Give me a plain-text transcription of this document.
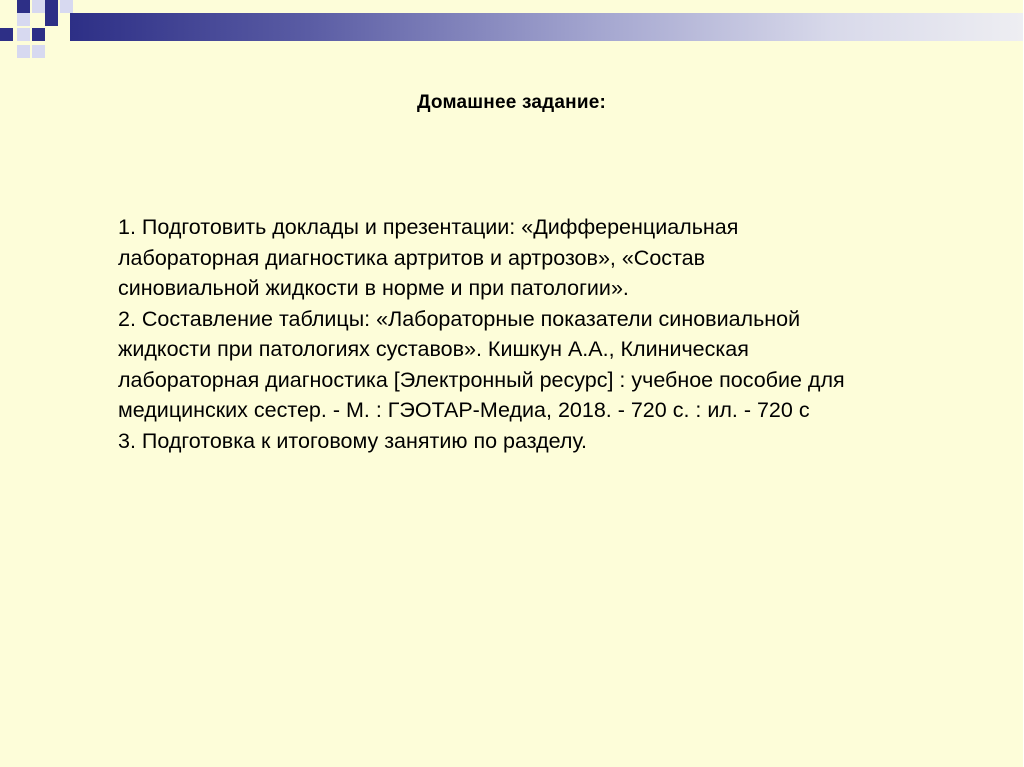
Домашнее задание:

1. Подготовить доклады и презентации: «Дифференциальная

лабораторная диагностика артритов и артрозов», «Состав

синовиальной жидкости в норме и при патологии».

2. Составление таблицы: «Лабораторные показатели синовиальной

жидкости при патологиях суставов». Кишкун А.А., Клиническая

лабораторная диагностика [Электронный ресурс] : учебное пособие для

медицинских сестер. - М. : ГЭОТАР-Медиа, 2018. - 720 с. : ил. - 720 с

3. Подготовка к итоговому занятию по разделу.
